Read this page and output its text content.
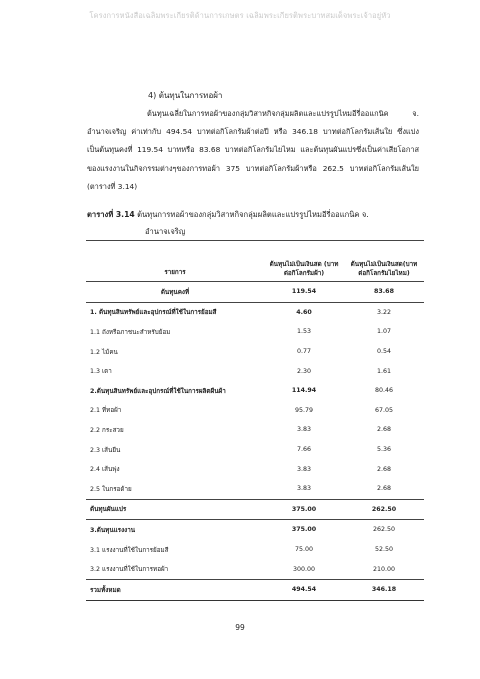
โครงการหนังสือเฉลิมพระเกียรติด้านการเกษตร เฉลิมพระเกียรติพระบาทสมเด็จพระเจ้าอยู่หัว
4) ต้นทุนในการทอผ้า
ต้นทุนเฉลี่ยในการทอผ้าของกลุ่มวิสาหกิจกลุ่มผลิตและแปรรูปไหมอีรี่ออแกนิค จ. อำนาจเจริญ ค่าเท่ากับ 494.54 บาทต่อกิโลกรัมผ้าต่อปี หรือ 346.18 บาทต่อกิโลกรัมเส้นใย ซึ่งแบ่งเป็นต้นทุนคงที่ 119.54 บาทหรือ 83.68 บาทต่อกิโลกรัมไยไหม และต้นทุนผันแปรซึ่งเป็นค่าเสียโอกาสของแรงงานในกิจกรรมต่างๆของการทอผ้า 375 บาทต่อกิโลกรัมผ้าหรือ 262.5 บาทต่อกิโลกรัมเส้นใย (ตารางที่ 3.14)
ตารางที่ 3.14 ต้นทุนการทอผ้าของกลุ่มวิสาหกิจกลุ่มผลิตและแปรรูปไหมอีรี่ออแกนิค จ.
อำนาจเจริญ
รายการ	ต้นทุนไม่เป็นเงินสด (บาทต่อกิโลกรัมผ้า)	ต้นทุนไม่เป็นเงินสด(บาทต่อกิโลกรัมไยไหม)
ต้นทุนคงที่	119.54	83.68
1. ต้นทุนสินทรัพย์และอุปกรณ์ที่ใช้ในการย้อมสี	4.60	3.22
1.1 ถังหรือภาชนะสำหรับย้อม	1.53	1.07
1.2 ไม้คน	0.77	0.54
1.3 เตา	2.30	1.61
2.ต้นทุนสินทรัพย์และอุปกรณ์ที่ใช้ในการผลิตผืนผ้า	114.94	80.46
2.1 ที่ทอผ้า	95.79	67.05
2.2 กระสวย	3.83	2.68
2.3 เส้นยืน	7.66	5.36
2.4 เส้นพุ่ง	3.83	2.68
2.5 ในกรอด้าย	3.83	2.68
ต้นทุนผันแปร	375.00	262.50
3.ต้นทุนแรงงาน	375.00	262.50
3.1 แรงงานที่ใช้ในการย้อมสี	75.00	52.50
3.2 แรงงานที่ใช้ในการทอผ้า	300.00	210.00
รวมทั้งหมด	494.54	346.18
99
